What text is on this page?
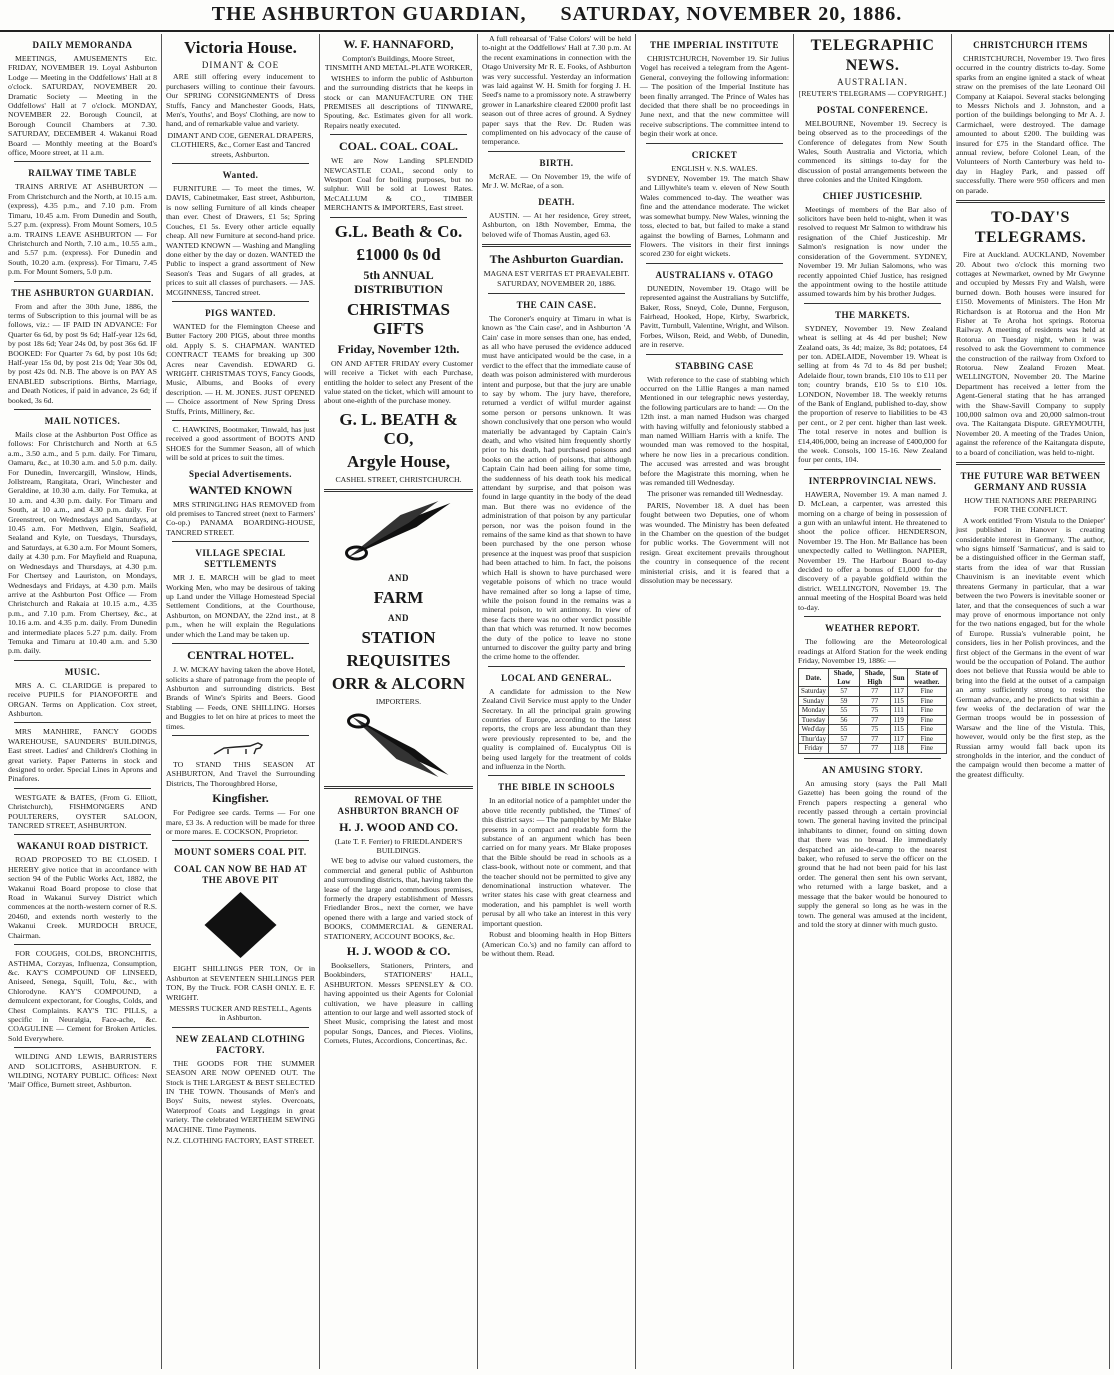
THE ASHBURTON GUARDIAN, SATURDAY, NOVEMBER 20, 1886.
DAILY MEMORANDA

MEETINGS, AMUSEMENTS Etc. FRIDAY, NOVEMBER 19. Loyal Ashburton Lodge — Meeting in the Oddfellows' Hall at 8 o'clock. SATURDAY, NOVEMBER 20. Dramatic Society — Meeting in the Oddfellows' Hall at 7 o'clock. MONDAY, NOVEMBER 22. Borough Council, at Borough Council Chambers at 7.30. SATURDAY, DECEMBER 4. Wakanui Road Board — Monthly meeting at the Board's office, Moore street, at 11 a.m.

RAILWAY TIME TABLE

TRAINS ARRIVE AT ASHBURTON — From Christchurch and the North, at 10.15 a.m. (express), 4.35 p.m., and 7.10 p.m. From Timaru, 10.45 a.m. From Dunedin and South, 5.27 p.m. (express). From Mount Somers, 10.5 a.m. TRAINS LEAVE ASHBURTON — For Christchurch and North, 7.10 a.m., 10.55 a.m., and 5.57 p.m. (express). For Dunedin and South, 10.20 a.m. (express). For Timaru, 7.45 p.m. For Mount Somers, 5.0 p.m.

THE ASHBURTON GUARDIAN.

From and after the 30th June, 1886, the terms of Subscription to this journal will be as follows, viz.: — IF PAID IN ADVANCE: For Quarter 6s 6d, by post 9s 6d; Half-year 12s 6d, by post 18s 6d; Year 24s 0d, by post 36s 6d. IF BOOKED: For Quarter 7s 6d, by post 10s 6d; Half-year 15s 0d, by post 21s 0d; Year 30s 0d, by post 42s 0d. N.B. The above is on PAY AS ENABLED subscriptions. Births, Marriage, and Death Notices, if paid in advance, 2s 6d; if booked, 3s 6d.

MAIL NOTICES.

Mails close at the Ashburton Post Office as follows: For Christchurch and North at 6.5 a.m., 3.50 a.m., and 5 p.m. daily. For Timaru, Oamaru, &c., at 10.30 a.m. and 5.0 p.m. daily. For Dunedin, Invercargill, Winslow, Hinds, Jollstream, Rangitata, Orari, Winchester and Geraldine, at 10.30 a.m. daily. For Temuka, at 10 a.m. and 4.30 p.m. daily. For Timaru and South, at 10 a.m., and 4.30 p.m. daily. For Greenstreet, on Wednesdays and Saturdays, at 10.45 a.m. For Methven, Elgin, Seafield, Sealand and Kyle, on Tuesdays, Thursdays, and Saturdays, at 6.30 a.m. For Mount Somers, daily at 4.30 p.m. For Mayfield and Ruapuna, on Wednesdays and Thursdays, at 4.30 p.m. For Chertsey and Lauriston, on Mondays, Wednesdays and Fridays, at 4.30 p.m. Mails arrive at the Ashburton Post Office — From Christchurch and Rakaia at 10.15 a.m., 4.35 p.m., and 7.10 p.m. From Chertsey, &c., at 10.16 a.m. and 4.35 p.m. daily. From Dunedin and intermediate places 5.27 p.m. daily. From Temuka and Timaru at 10.40 a.m. and 5.30 p.m. daily.

MUSIC.

MRS A. C. CLARIDGE is prepared to receive PUPILS for PIANOFORTE and ORGAN. Terms on Application. Cox street, Ashburton.

MRS MANHIRE, FANCY GOODS WAREHOUSE, SAUNDERS' BUILDINGS, East street. Ladies' and Children's Clothing in great variety. Paper Patterns in stock and designed to order. Special Lines in Aprons and Pinafores.

WESTGATE & BATES, (From G. Elliott, Christchurch), FISHMONGERS AND POULTERERS, OYSTER SALOON, TANCRED STREET, ASHBURTON.

WAKANUI ROAD DISTRICT.

ROAD PROPOSED TO BE CLOSED. I HEREBY give notice that in accordance with section 94 of the Public Works Act, 1882, the Wakanui Road Board propose to close that Road in Wakanui Survey District which commences at the north-western corner of R.S. 20460, and extends north westerly to the Wakanui Creek. MURDOCH BRUCE, Chairman.

FOR COUGHS, COLDS, BRONCHITIS, ASTHMA, Corzyas, Influenza, Consumption, &c. KAY'S COMPOUND OF LINSEED, Aniseed, Senega, Squill, Tolu, &c., with Chlorodyne. KAY'S COMPOUND, a demulcent expectorant, for Coughs, Colds, and Chest Complaints. KAY'S TIC PILLS, a specific in Neuralgia, Face-ache, &c. COAGULINE — Cement for Broken Articles. Sold Everywhere.

WILDING AND LEWIS, BARRISTERS AND SOLICITORS, ASHBURTON. F. WILDING, NOTARY PUBLIC. Offices: Next 'Mail' Office, Burnett street, Ashburton.

Victoria House.
DIMANT & COE

ARE still offering every inducement to purchasers willing to continue their favours. Our SPRING CONSIGNMENTS of Dress Stuffs, Fancy and Manchester Goods, Hats, Men's, Youths', and Boys' Clothing, are now to hand, and of remarkable value and variety.

DIMANT AND COE, GENERAL DRAPERS, CLOTHIERS, &c., Corner East and Tancred streets, Ashburton.
Wanted.

FURNITURE — To meet the times, W. DAVIS, Cabinetmaker, East street, Ashburton, is now selling Furniture of all kinds cheaper than ever. Chest of Drawers, £1 5s; Spring Couches, £1 5s. Every other article equally cheap. All new Furniture at second-hand price. WANTED KNOWN — Washing and Mangling done either by the day or dozen. WANTED the Public to inspect a grand assortment of New Season's Teas and Sugars of all grades, at prices to suit all classes of purchasers. — JAS. MCGINNESS, Tancred street.

PIGS WANTED.

WANTED for the Flemington Cheese and Butter Factory 200 PIGS, about three months old. Apply S. S. CHAPMAN. WANTED CONTRACT TEAMS for breaking up 300 Acres near Cavendish. EDWARD G. WRIGHT. CHRISTMAS TOYS, Fancy Goods, Music, Albums, and Books of every description. — H. M. JONES. JUST OPENED — Choice assortment of New Spring Dress Stuffs, Prints, Millinery, &c.

C. HAWKINS, Bootmaker, Tinwald, has just received a good assortment of BOOTS AND SHOES for the Summer Season, all of which will be sold at prices to suit the times.

Special Advertisements.
WANTED KNOWN

MRS STRINGLING HAS REMOVED from old premises to Tancred street (next to Farmers' Co-op.) PANAMA BOARDING-HOUSE, TANCRED STREET.

VILLAGE SPECIAL SETTLEMENTS

MR J. E. MARCH will be glad to meet Working Men, who may be desirous of taking up Land under the Village Homestead Special Settlement Conditions, at the Courthouse, Ashburton, on MONDAY, the 22nd inst., at 8 p.m., when he will explain the Regulations under which the Land may be taken up.

CENTRAL HOTEL.

J. W. MCKAY having taken the above Hotel, solicits a share of patronage from the people of Ashburton and surrounding districts. Best Brands of Wine's Spirits and Beers. Good Stabling — Feeds, ONE SHILLING. Horses and Buggies to let on hire at prices to meet the times.

TO STAND THIS SEASON AT ASHBURTON, And Travel the Surrounding Districts, The Thoroughbred Horse,

Kingfisher.

For Pedigree see cards. Terms — For one mare, £3 3s. A reduction will be made for three or more mares. E. COCKSON, Proprietor.

MOUNT SOMERS COAL PIT.
COAL CAN NOW BE HAD AT THE ABOVE PIT

EIGHT SHILLINGS PER TON, Or in Ashburton at SEVENTEEN SHILLINGS PER TON, By the Truck. FOR CASH ONLY. E. F. WRIGHT.

MESSRS TUCKER AND RESTELL, Agents in Ashburton.
NEW ZEALAND CLOTHING FACTORY.

THE GOODS FOR THE SUMMER SEASON ARE NOW OPENED OUT. The Stock is THE LARGEST & BEST SELECTED IN THE TOWN. Thousands of Men's and Boys' Suits, newest styles. Overcoats, Waterproof Coats and Leggings in great variety. The celebrated WERTHEIM SEWING MACHINE. Time Payments.

N.Z. CLOTHING FACTORY, EAST STREET.
W. F. HANNAFORD,
Compton's Buildings, Moore Street, TINSMITH AND METAL-PLATE WORKER,

WISHES to inform the public of Ashburton and the surrounding districts that he keeps in stock or can MANUFACTURE ON THE PREMISES all descriptions of TINWARE, Spouting, &c. Estimates given for all work. Repairs neatly executed.

COAL. COAL. COAL.

WE are Now Landing SPLENDID NEWCASTLE COAL, second only to Westport Coal for boiling purposes, but no sulphur. Will be sold at Lowest Rates. McCALLUM & CO., TIMBER MERCHANTS & IMPORTERS, East street.

G.L. Beath & Co.
£1000 0s 0d
5th ANNUAL DISTRIBUTION
CHRISTMAS GIFTS
Friday, November 12th.

ON AND AFTER FRIDAY every Customer will receive a Ticket with each Purchase, entitling the holder to select any Present of the value stated on the ticket, which will amount to about one-eighth of the purchase money.

G. L. BEATH & CO,
Argyle House,
CASHEL STREET, CHRISTCHURCH.
AND
FARM
AND
STATION
REQUISITES
ORR & ALCORN
IMPORTERS.
REMOVAL OF THE ASHBURTON BRANCH OF
H. J. WOOD AND CO.
(Late T. F. Ferrier) to FRIEDLANDER'S BUILDINGS.

WE beg to advise our valued customers, the commercial and general public of Ashburton and surrounding districts, that, having taken the lease of the large and commodious premises, formerly the drapery establishment of Messrs Friedlander Bros., next the corner, we have opened there with a large and varied stock of BOOKS, COMMERCIAL & GENERAL STATIONERY, ACCOUNT BOOKS, &c.

H. J. WOOD & CO.

Booksellers, Stationers, Printers, and Bookbinders, STATIONERS' HALL, ASHBURTON. Messrs SPENSLEY & CO. having appointed us their Agents for Colonial cultivation, we have pleasure in calling attention to our large and well assorted stock of Sheet Music, comprising the latest and most popular Songs, Dances, and Pieces. Violins, Cornets, Flutes, Accordions, Concertinas, &c.

A full rehearsal of 'False Colors' will be held to-night at the Oddfellows' Hall at 7.30 p.m. At the recent examinations in connection with the Otago University Mr R. E. Fooks, of Ashburton was very successful. Yesterday an information was laid against W. H. Smith for forging J. H. Seed's name to a promissory note. A strawberry grower in Lanarkshire cleared £2000 profit last season out of three acres of ground. A Sydney paper says that the Rev. Dr. Ruden was complimented on his advocacy of the cause of temperance.

BIRTH.

McRAE. — On November 19, the wife of Mr J. W. McRae, of a son.

DEATH.

AUSTIN. — At her residence, Grey street, Ashburton, on 18th November, Emma, the beloved wife of Thomas Austin, aged 63.

The Ashburton Guardian.
MAGNA EST VERITAS ET PRAEVALEBIT.
SATURDAY, NOVEMBER 20, 1886.
THE CAIN CASE.

The Coroner's enquiry at Timaru in what is known as 'the Cain case', and in Ashburton 'A Cain' case in more senses than one, has ended, as all who have perused the evidence adduced must have anticipated would be the case, in a verdict to the effect that the immediate cause of death was poison administered with murderous intent and purpose, but that the jury are unable to say by whom. The jury have, therefore, returned a verdict of wilful murder against some person or persons unknown. It was shown conclusively that one person who would materially be advantaged by Captain Cain's death, and who visited him frequently shortly prior to his death, had purchased poisons and books on the action of poisons, that although Captain Cain had been ailing for some time, the suddenness of his death took his medical attendant by surprise, and that poison was found in large quantity in the body of the dead man. But there was no evidence of the administration of that poison by any particular person, nor was the poison found in the remains of the same kind as that shown to have been purchased by the one person whose presence at the inquest was proof that suspicion had been attached to him. In fact, the poisons which Hall is shown to have purchased were vegetable poisons of which no trace would have remained after so long a lapse of time, while the poison found in the remains was a mineral poison, to wit antimony. In view of these facts there was no other verdict possible than that which was returned. It now becomes the duty of the police to leave no stone unturned to discover the guilty party and bring the crime home to the offender.

LOCAL AND GENERAL.

A candidate for admission to the New Zealand Civil Service must apply to the Under Secretary. In all the principal grain growing countries of Europe, according to the latest reports, the crops are less abundant than they were previously represented to be, and the quality is complained of. Eucalyptus Oil is being used largely for the treatment of colds and influenza in the North.

THE BIBLE IN SCHOOLS

In an editorial notice of a pamphlet under the above title recently published, the 'Times' of this district says: — The pamphlet by Mr Blake presents in a compact and readable form the substance of an argument which has been carried on for many years. Mr Blake proposes that the Bible should be read in schools as a class-book, without note or comment, and that the teacher should not be permitted to give any denominational instruction whatever. The writer states his case with great clearness and moderation, and his pamphlet is well worth perusal by all who take an interest in this very important question.

Robust and blooming health in Hop Bitters (American Co.'s) and no family can afford to be without them. Read.

THE IMPERIAL INSTITUTE

CHRISTCHURCH, November 19. Sir Julius Vogel has received a telegram from the Agent-General, conveying the following information: — The position of the Imperial Institute has been finally arranged. The Prince of Wales has decided that there shall be no proceedings in June next, and that the new committee will receive subscriptions. The committee intend to begin their work at once.

CRICKET
ENGLISH v. N.S. WALES.

SYDNEY, November 19. The match Shaw and Lillywhite's team v. eleven of New South Wales commenced to-day. The weather was fine and the attendance moderate. The wicket was somewhat bumpy. New Wales, winning the toss, elected to bat, but failed to make a stand against the bowling of Barnes, Lohmann and Flowers. The visitors in their first innings scored 230 for eight wickets.

AUSTRALIANS v. OTAGO

DUNEDIN, November 19. Otago will be represented against the Australians by Sutcliffe, Baker, Ross, Sneyd, Cole, Dunne, Ferguson, Fairhead, Hooked, Hope, Kirby, Swarbrick, Pavitt, Turnbull, Valentine, Wright, and Wilson. Forbes, Wilson, Reid, and Webb, of Dunedin, are in reserve.

STABBING CASE

With reference to the case of stabbing which occurred on the Lillie Ranges a man named Mentioned in our telegraphic news yesterday, the following particulars are to hand: — On the 12th inst. a man named Hudson was charged with having wilfully and feloniously stabbed a man named William Harris with a knife. The wounded man was removed to the hospital, where he now lies in a precarious condition. The accused was arrested and was brought before the Magistrate this morning, when he was remanded till Wednesday.

The prisoner was remanded till Wednesday.

PARIS, November 18. A duel has been fought between two Deputies, one of whom was wounded. The Ministry has been defeated in the Chamber on the question of the budget for public works. The Government will not resign. Great excitement prevails throughout the country in consequence of the recent ministerial crisis, and it is feared that a dissolution may be necessary.

TELEGRAPHIC NEWS.
AUSTRALIAN.
[REUTER'S TELEGRAMS — COPYRIGHT.]
POSTAL CONFERENCE.

MELBOURNE, November 19. Secrecy is being observed as to the proceedings of the Conference of delegates from New South Wales, South Australia and Victoria, which commenced its sittings to-day for the discussion of postal arrangements between the three colonies and the United Kingdom.

CHIEF JUSTICESHIP.

Meetings of members of the Bar also of solicitors have been held to-night, when it was resolved to request Mr Salmon to withdraw his resignation of the Chief Justiceship. Mr Salmon's resignation is now under the consideration of the Government. SYDNEY, November 19. Mr Julian Salomons, who was recently appointed Chief Justice, has resigned the appointment owing to the hostile attitude assumed towards him by his brother Judges.

THE MARKETS.

SYDNEY, November 19. New Zealand wheat is selling at 4s 4d per bushel; New Zealand oats, 3s 4d; maize, 3s 8d; potatoes, £4 per ton. ADELAIDE, November 19. Wheat is selling at from 4s 7d to 4s 8d per bushel; Adelaide flour, town brands, £10 10s to £11 per ton; country brands, £10 5s to £10 10s. LONDON, November 18. The weekly returns of the Bank of England, published to-day, show the proportion of reserve to liabilities to be 43 per cent., or 2 per cent. higher than last week. The total reserve in notes and bullion is £14,406,000, being an increase of £400,000 for the week. Consols, 100 15-16. New Zealand four per cents, 104.

INTERPROVINCIAL NEWS.

HAWERA, November 19. A man named J. D. McLean, a carpenter, was arrested this morning on a charge of being in possession of a gun with an unlawful intent. He threatened to shoot the police officer. HENDERSON, November 19. The Hon. Mr Ballance has been unexpectedly called to Wellington. NAPIER, November 19. The Harbour Board to-day decided to offer a bonus of £1,000 for the discovery of a payable goldfield within the district. WELLINGTON, November 19. The annual meeting of the Hospital Board was held to-day.

WEATHER REPORT.

The following are the Meteorological readings at Alford Station for the week ending Friday, November 19, 1886: —

Date.	Shade, Low	Shade, High	Sun	State of weather.
Saturday	57	77	117	Fine
Sunday	59	77	115	Fine
Monday	55	75	111	Fine
Tuesday	56	77	119	Fine
Wed'day	55	75	115	Fine
Thur'day	57	77	117	Fine
Friday	57	77	118	Fine
AN AMUSING STORY.

An amusing story (says the Pall Mall Gazette) has been going the round of the French papers respecting a general who recently passed through a certain provincial town. The general having invited the principal inhabitants to dinner, found on sitting down that there was no bread. He immediately despatched an aide-de-camp to the nearest baker, who refused to serve the officer on the ground that he had not been paid for his last order. The general then sent his own servant, who returned with a large basket, and a message that the baker would be honoured to supply the general so long as he was in the town. The general was amused at the incident, and told the story at dinner with much gusto.

CHRISTCHURCH ITEMS

CHRISTCHURCH, November 19. Two fires occurred in the country districts to-day. Some sparks from an engine ignited a stack of wheat straw on the premises of the late Leonard Oil Company at Kaiapoi. Several stacks belonging to Messrs Nichols and J. Johnston, and a portion of the buildings belonging to Mr A. J. Carmichael, were destroyed. The damage amounted to about £200. The building was insured for £75 in the Standard office. The annual review, before Colonel Lean, of the Volunteers of North Canterbury was held to-day in Hagley Park, and passed off successfully. There were 950 officers and men on parade.

TO-DAY'S TELEGRAMS.

Fire at Auckland. AUCKLAND, November 20. About two o'clock this morning two cottages at Newmarket, owned by Mr Gwynne and occupied by Messrs Fry and Walsh, were burned down. Both houses were insured for £150. Movements of Ministers. The Hon Mr Richardson is at Rotorua and the Hon Mr Fisher at Te Aroha hot springs. Rotorua Railway. A meeting of residents was held at Rotorua on Tuesday night, when it was resolved to ask the Government to commence the construction of the railway from Oxford to Rotorua. New Zealand Frozen Meat. WELLINGTON, November 20. The Marine Department has received a letter from the Agent-General stating that he has arranged with the Shaw-Savill Company to supply 100,000 salmon ova and 20,000 salmon-trout ova. The Kaitangata Dispute. GREYMOUTH, November 20. A meeting of the Trades Union, against the reference of the Kaitangata dispute, to a board of conciliation, was held to-night.

THE FUTURE WAR BETWEEN GERMANY AND RUSSIA
HOW THE NATIONS ARE PREPARING FOR THE CONFLICT.

A work entitled 'From Vistula to the Dnieper' just published in Hanover is creating considerable interest in Germany. The author, who signs himself 'Sarmaticus', and is said to be a distinguished officer in the German staff, starts from the idea of war that Russian Chauvinism is an inevitable event which threatens Germany in particular, that a war between the two Powers is inevitable sooner or later, and that the consequences of such a war may prove of enormous importance not only for the two nations engaged, but for the whole of Europe. Russia's vulnerable point, he considers, lies in her Polish provinces, and the first object of the Germans in the event of war would be the occupation of Poland. The author does not believe that Russia would be able to bring into the field at the outset of a campaign an army sufficiently strong to resist the German advance, and he predicts that within a few weeks of the declaration of war the German troops would be in possession of Warsaw and the line of the Vistula. This, however, would only be the first step, as the Russian army would fall back upon its strongholds in the interior, and the conduct of the campaign would then become a matter of the greatest difficulty.
